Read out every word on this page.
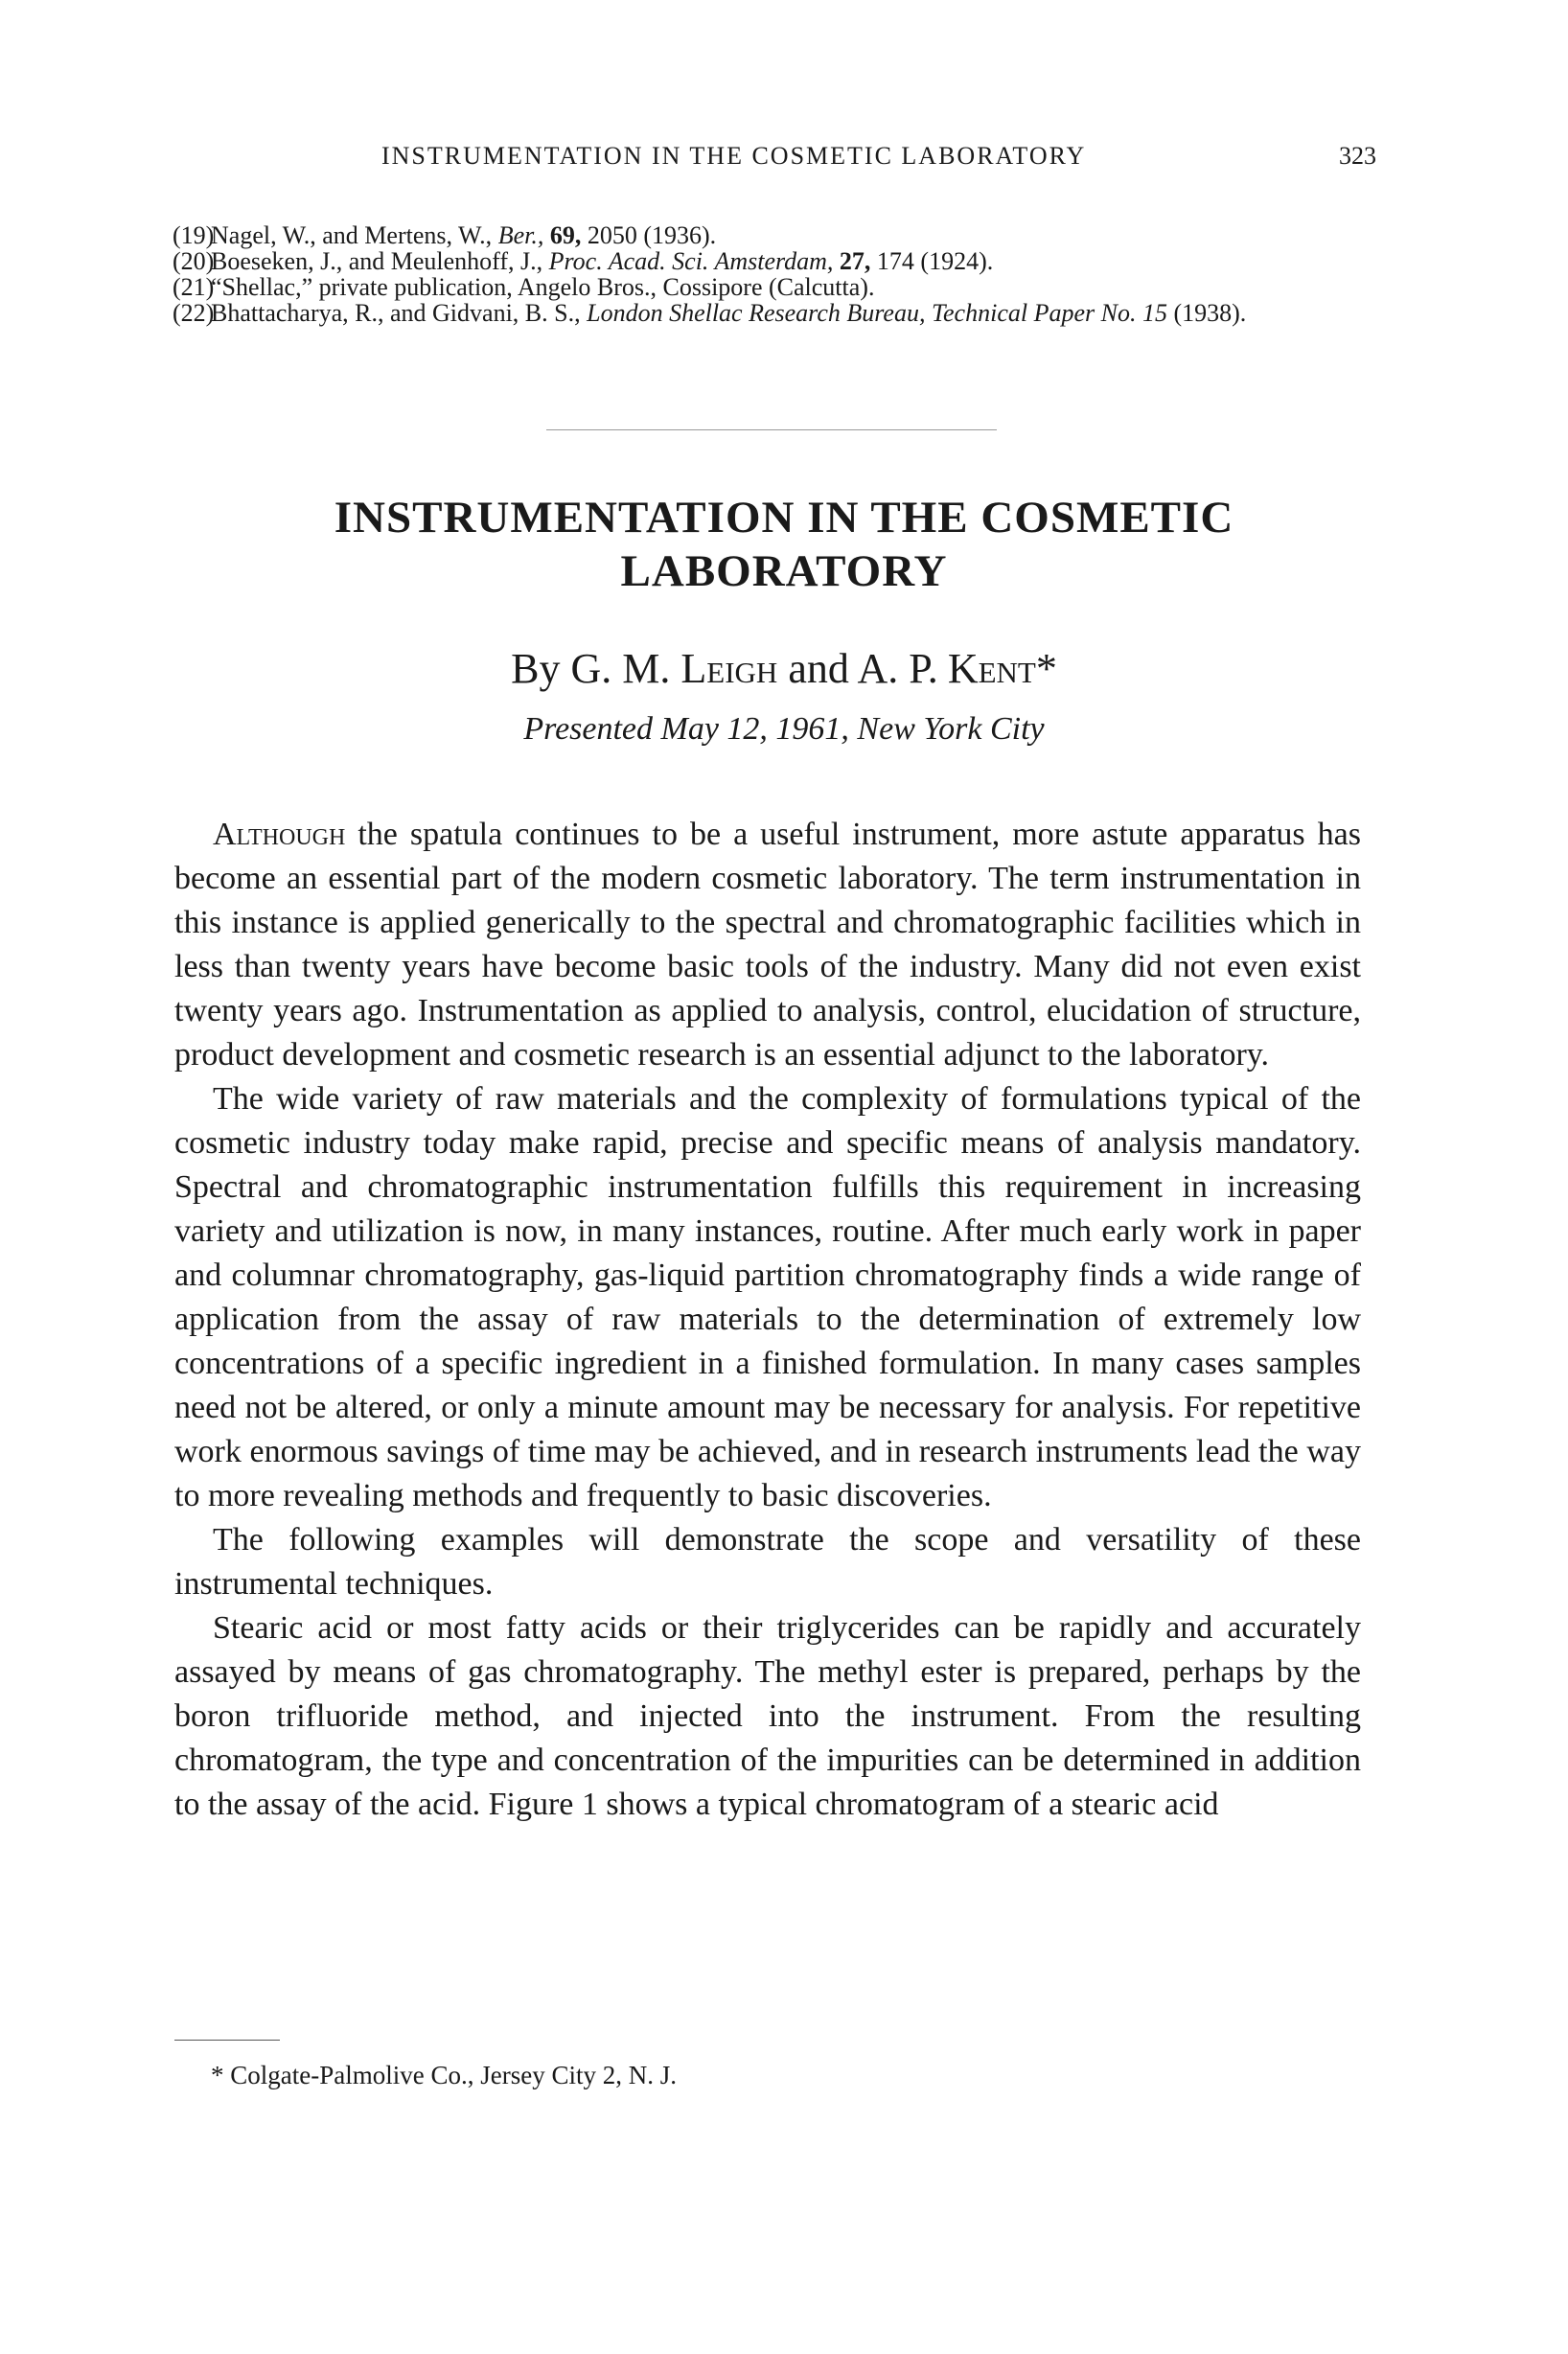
INSTRUMENTATION IN THE COSMETIC LABORATORY	323
(19)
Nagel, W., and Mertens, W., Ber., 69, 2050 (1936).
(20)
Boeseken, J., and Meulenhoff, J., Proc. Acad. Sci. Amsterdam, 27, 174 (1924).
(21)
“Shellac,” private publication, Angelo Bros., Cossipore (Calcutta).
(22)
Bhattacharya, R., and Gidvani, B. S., London Shellac Research Bureau, Technical Paper No. 15 (1938).
INSTRUMENTATION IN THE COSMETIC
LABORATORY
By G. M. Leigh and A. P. Kent*
Presented May 12, 1961, New York City

Although the spatula continues to be a useful instrument, more astute apparatus has become an essential part of the modern cosmetic laboratory. The term instrumentation in this instance is applied generically to the spectral and chromatographic facilities which in less than twenty years have become basic tools of the industry. Many did not even exist twenty years ago. Instrumentation as applied to analysis, control, elucidation of structure, product development and cosmetic research is an essential adjunct to the laboratory.

The wide variety of raw materials and the complexity of formulations typical of the cosmetic industry today make rapid, precise and specific means of analysis mandatory. Spectral and chromatographic instrumentation fulfills this requirement in increasing variety and utilization is now, in many instances, routine. After much early work in paper and columnar chromatography, gas-liquid partition chromatography finds a wide range of application from the assay of raw materials to the determination of extremely low concentrations of a specific ingredient in a finished formulation. In many cases samples need not be altered, or only a minute amount may be necessary for analysis. For repetitive work enormous savings of time may be achieved, and in research instruments lead the way to more revealing methods and frequently to basic discoveries.

The following examples will demonstrate the scope and versatility of these instrumental techniques.

Stearic acid or most fatty acids or their triglycerides can be rapidly and accurately assayed by means of gas chromatography. The methyl ester is prepared, perhaps by the boron trifluoride method, and injected into the instrument. From the resulting chromatogram, the type and concentration of the impurities can be determined in addition to the assay of the acid. Figure 1 shows a typical chromatogram of a stearic acid

* Colgate-Palmolive Co., Jersey City 2, N. J.
